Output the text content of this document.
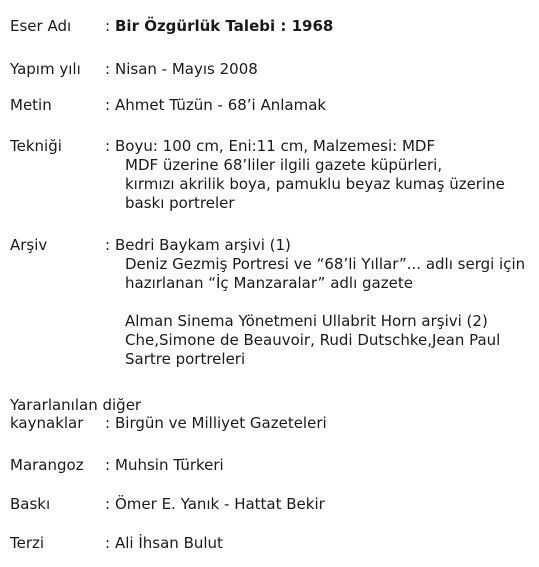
Eser Adı : Bir Özgürlük Talebi : 1968
Yapım yılı : Nisan - Mayıs 2008
Metin	: Ahmet Tüzün - 68’i Anlamak
Tekniği	: Boyu: 100 cm, Eni:11 cm, Malzemesi: MDF
MDF üzerine 68’liler ilgili gazete küpürleri,
kırmızı akrilik boya, pamuklu beyaz kumaş üzerine
baskı portreler
Arşiv	: Bedri Baykam arşivi (1)
Deniz Gezmiş Portresi ve “68’li Yıllar”... adlı sergi için
hazırlanan “İç Manzaralar” adlı gazete
Alman Sinema Yönetmeni Ullabrit Horn arşivi (2)
Che,Simone de Beauvoir, Rudi Dutschke,Jean Paul
Sartre portreleri
Yararlanılan diğer
kaynaklar : Birgün ve Milliyet Gazeteleri
Marangoz : Muhsin Türkeri
Baskı	: Ömer E. Yanık - Hattat Bekir
Terzi	: Ali İhsan Bulut
